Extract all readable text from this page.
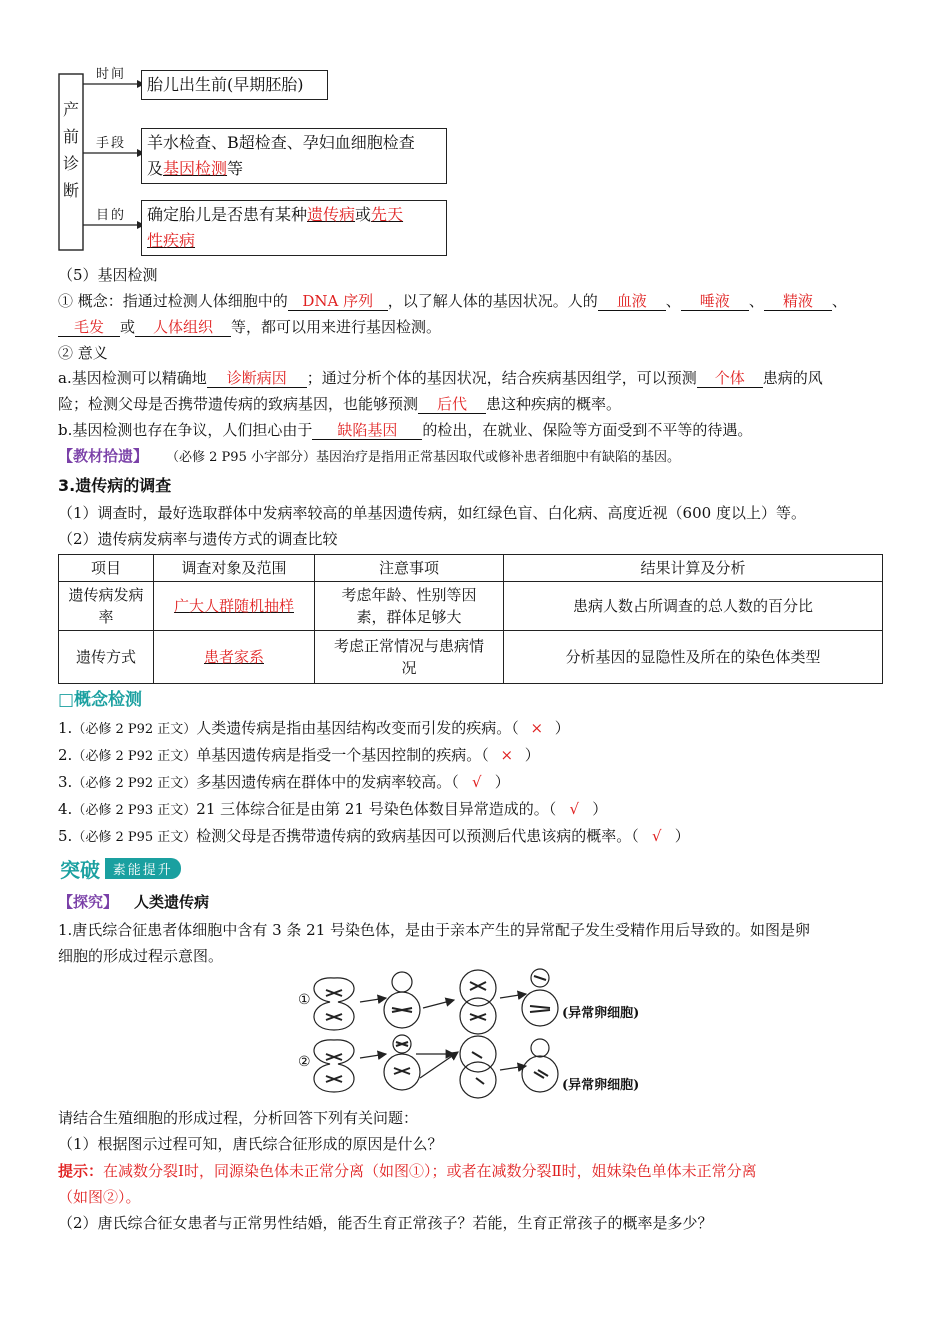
产前诊断
时间
胎儿出生前(早期胚胎)
手段 羊水检查、B超检查、孕妇血细胞检查
及基因检测等
目的 确定胎儿是否患有某种遗传病或先天
性疾病
（5）基因检测
① 概念：指通过检测人体细胞中的 DNA 序列 ，以了解人体的基因状况。人的 血液 、 唾液 、 精液 、
毛发 或 人体组织 等，都可以用来进行基因检测。
② 意义
a.基因检测可以精确地 诊断病因 ；通过分析个体的基因状况，结合疾病基因组学，可以预测 个体 患病的风
险；检测父母是否携带遗传病的致病基因，也能够预测 后代 患这种疾病的概率。
b.基因检测也存在争议，人们担心由于 缺陷基因 的检出，在就业、保险等方面受到不平等的待遇。
【教材拾遗】 （必修 2 P95 小字部分）基因治疗是指用正常基因取代或修补患者细胞中有缺陷的基因。
3.遗传病的调查
（1）调查时，最好选取群体中发病率较高的单基因遗传病，如红绿色盲、白化病、高度近视（600 度以上）等。
（2）遗传病发病率与遗传方式的调查比较
项目	调查对象及范围	注意事项	结果计算及分析
遗传病发病率	广大人群随机抽样	考虑年龄、性别等因素，群体足够大	患病人数占所调查的总人数的百分比
遗传方式	患者家系	考虑正常情况与患病情况	分析基因的显隐性及所在的染色体类型
□概念检测
1.（必修 2 P92 正文）人类遗传病是指由基因结构改变而引发的疾病。（ × ）
2.（必修 2 P92 正文）单基因遗传病是指受一个基因控制的疾病。（ × ）
3.（必修 2 P92 正文）多基因遗传病在群体中的发病率较高。（ √ ）
4.（必修 2 P93 正文）21 三体综合征是由第 21 号染色体数目异常造成的。（ √ ）
5.（必修 2 P95 正文）检测父母是否携带遗传病的致病基因可以预测后代患该病的概率。（ √ ）
突破 素能提升
【探究】 人类遗传病
1.唐氏综合征患者体细胞中含有 3 条 21 号染色体，是由于亲本产生的异常配子发生受精作用后导致的。如图是卵
细胞的形成过程示意图。
①
②
(异常卵细胞)
(异常卵细胞)
请结合生殖细胞的形成过程，分析回答下列有关问题：
（1）根据图示过程可知，唐氏综合征形成的原因是什么？
提示：在减数分裂Ⅰ时，同源染色体未正常分离（如图①）；或者在减数分裂Ⅱ时，姐妹染色单体未正常分离
（如图②）。
（2）唐氏综合征女患者与正常男性结婚，能否生育正常孩子？若能，生育正常孩子的概率是多少？
